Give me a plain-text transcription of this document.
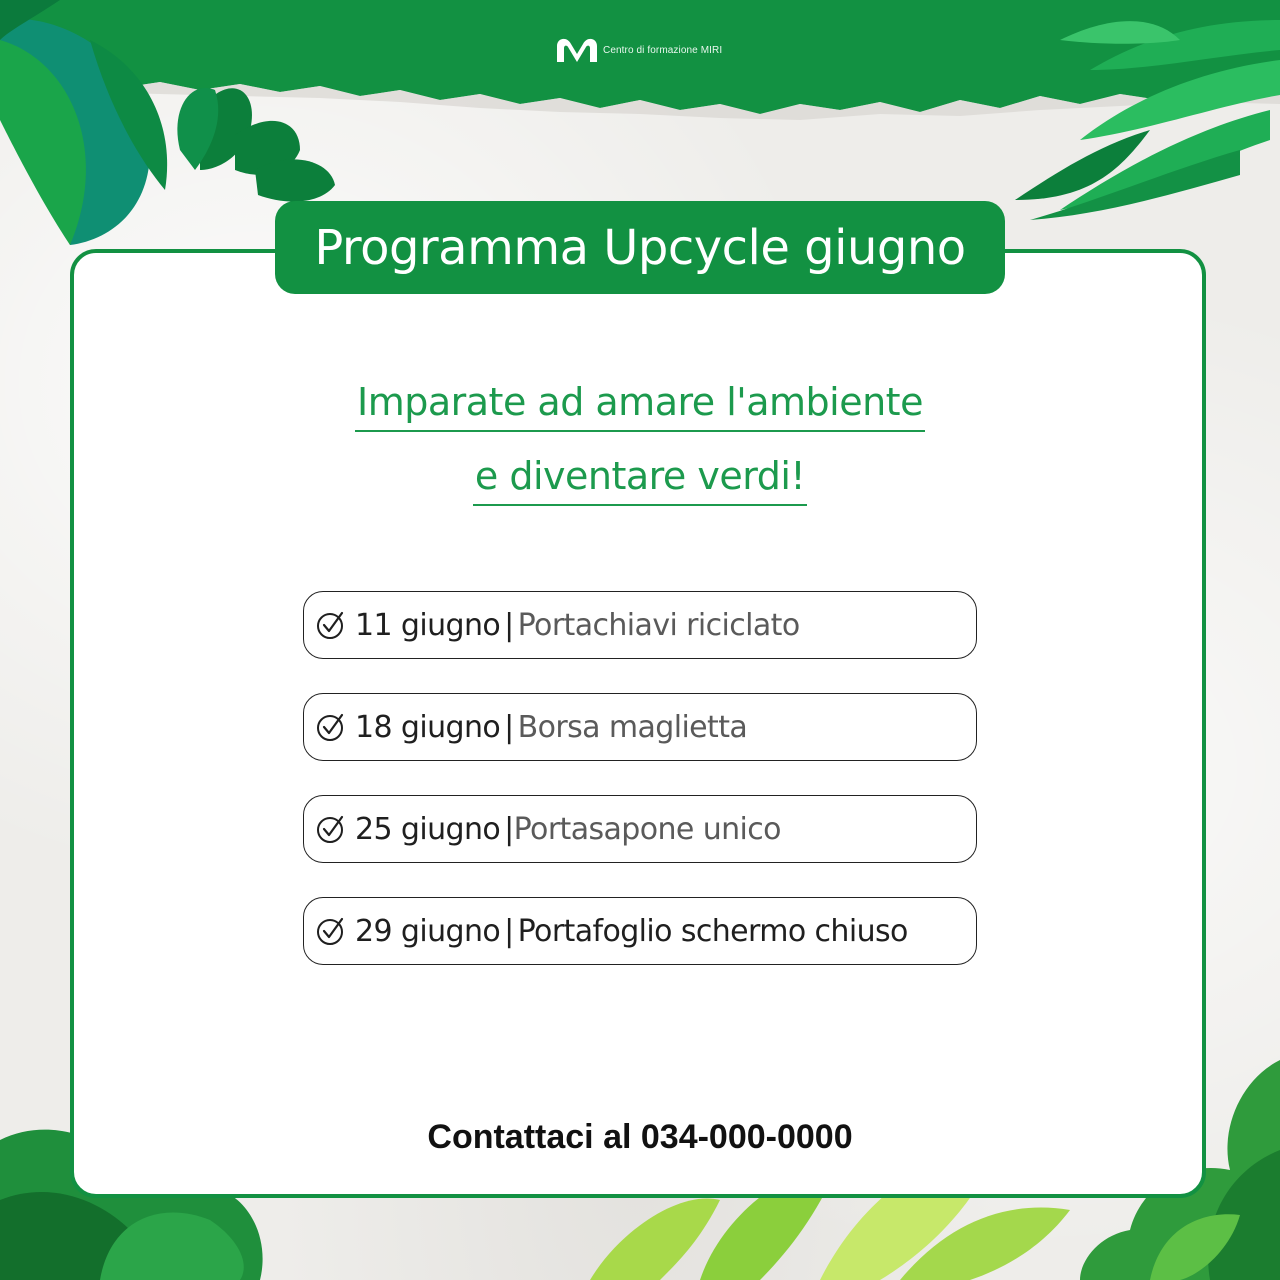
Centro di formazione MIRI
Programma Upcycle giugno
Imparate ad amare l'ambiente
e diventare verdi!
11 giugno | Portachiavi riciclato
18 giugno | Borsa maglietta
25 giugno | Portasapone unico
29 giugno | Portafoglio schermo chiuso
Contattaci al 034-000-0000
